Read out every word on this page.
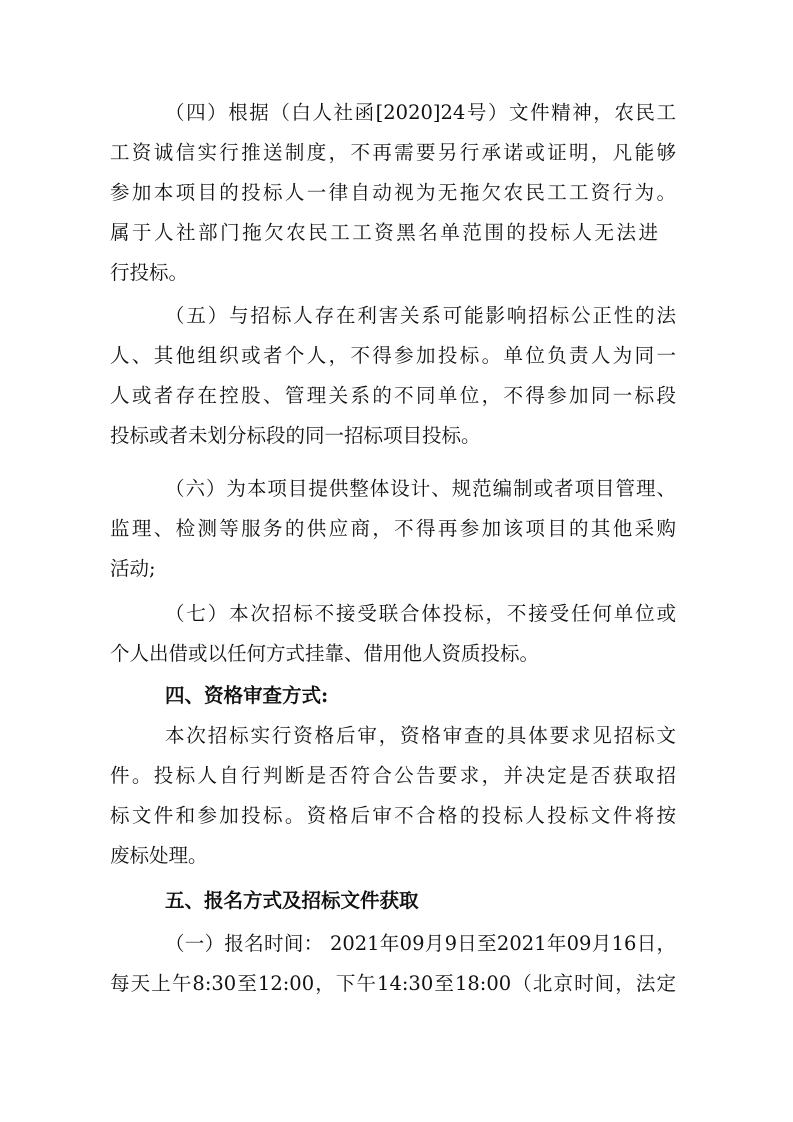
（四）根据（白人社函[2020]24号）文件精神，农民工
工资诚信实行推送制度，不再需要另行承诺或证明，凡能够
参加本项目的投标人一律自动视为无拖欠农民工工资行为。
属于人社部门拖欠农民工工资黑名单范围的投标人无法进
行投标。
（五）与招标人存在利害关系可能影响招标公正性的法
人、其他组织或者个人，不得参加投标。单位负责人为同一
人或者存在控股、管理关系的不同单位，不得参加同一标段
投标或者未划分标段的同一招标项目投标。
（六）为本项目提供整体设计、规范编制或者项目管理、
监理、检测等服务的供应商，不得再参加该项目的其他采购
活动;
（七）本次招标不接受联合体投标，不接受任何单位或
个人出借或以任何方式挂靠、借用他人资质投标。
四、资格审查方式:
本次招标实行资格后审，资格审查的具体要求见招标文
件。投标人自行判断是否符合公告要求，并决定是否获取招
标文件和参加投标。资格后审不合格的投标人投标文件将按
废标处理。
五、报名方式及招标文件获取
（一）报名时间： 2021年09月9日至2021年09月16日，
每天上午8:30至12:00，下午14:30至18:00（北京时间，法定
